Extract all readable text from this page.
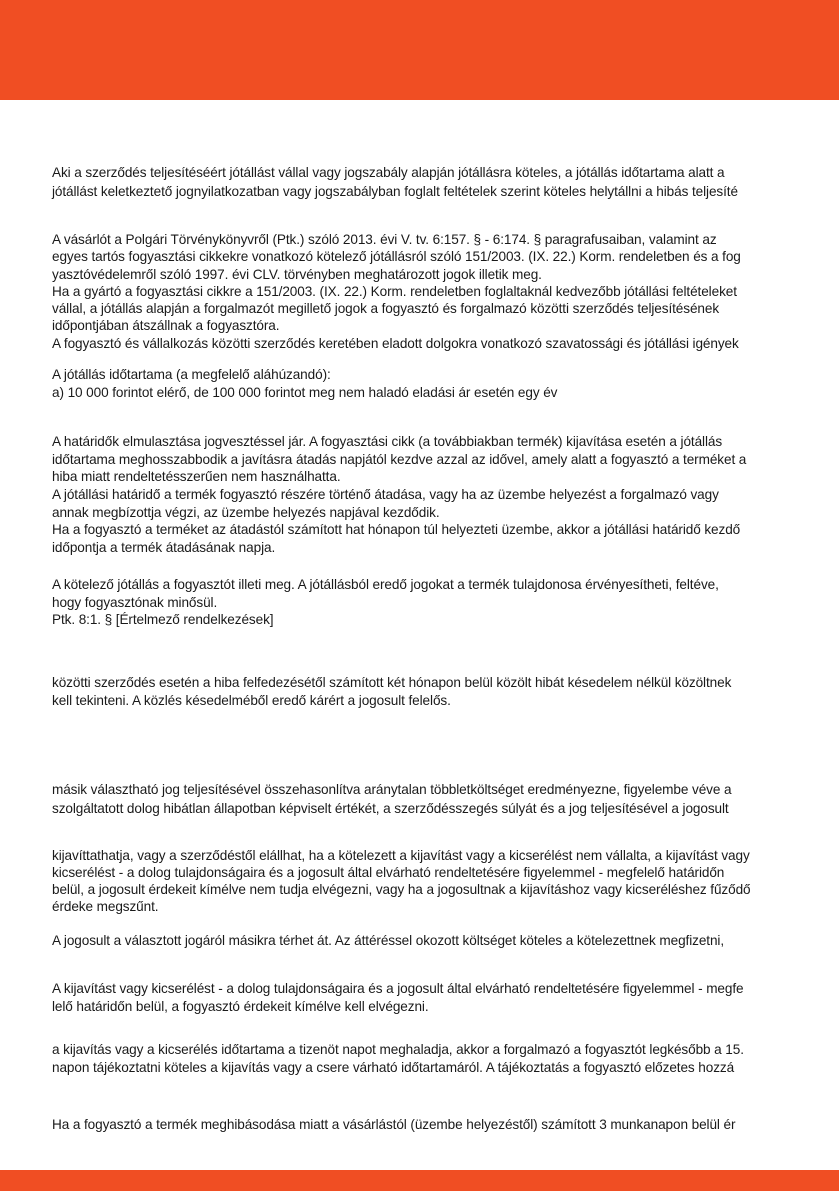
Aki a szerződés teljesítéséért jótállást vállal vagy jogszabály alapján jótállásra köteles, a jótállás időtartama alatt a
jótállást keletkeztető jognyilatkozatban vagy jogszabályban foglalt feltételek szerint köteles helytállni a hibás teljesíté
A vásárlót a Polgári Törvénykönyvről (Ptk.) szóló 2013. évi V. tv. 6:157. § - 6:174. § paragrafusaiban, valamint az
egyes tartós fogyasztási cikkekre vonatkozó kötelező jótállásról szóló 151/2003. (IX. 22.) Korm. rendeletben és a fog
yasztóvédelemről szóló 1997. évi CLV. törvényben meghatározott jogok illetik meg.
Ha a gyártó a fogyasztási cikkre a 151/2003. (IX. 22.) Korm. rendeletben foglaltaknál kedvezőbb jótállási feltételeket
vállal, a jótállás alapján a forgalmazót megillető jogok a fogyasztó és forgalmazó közötti szerződés teljesítésének
időpontjában átszállnak a fogyasztóra.
A fogyasztó és vállalkozás közötti szerződés keretében eladott dolgokra vonatkozó szavatossági és jótállási igények
A jótállás időtartama (a megfelelő aláhúzandó):
a) 10 000 forintot elérő, de 100 000 forintot meg nem haladó eladási ár esetén egy év
A határidők elmulasztása jogvesztéssel jár. A fogyasztási cikk (a továbbiakban termék) kijavítása esetén a jótállás
időtartama meghosszabbodik a javításra átadás napjától kezdve azzal az idővel, amely alatt a fogyasztó a terméket a
hiba miatt rendeltetésszerűen nem használhatta.
A jótállási határidő a termék fogyasztó részére történő átadása, vagy ha az üzembe helyezést a forgalmazó vagy
annak megbízottja végzi, az üzembe helyezés napjával kezdődik.
Ha a fogyasztó a terméket az átadástól számított hat hónapon túl helyezteti üzembe, akkor a jótállási határidő kezdő
időpontja a termék átadásának napja.
A kötelező jótállás a fogyasztót illeti meg. A jótállásból eredő jogokat a termék tulajdonosa érvényesítheti, feltéve,
hogy fogyasztónak minősül.
Ptk. 8:1. § [Értelmező rendelkezések]
közötti szerződés esetén a hiba felfedezésétől számított két hónapon belül közölt hibát késedelem nélkül közöltnek
kell tekinteni. A közlés késedelméből eredő kárért a jogosult felelős.
másik választható jog teljesítésével összehasonlítva aránytalan többletköltséget eredményezne, figyelembe véve a
szolgáltatott dolog hibátlan állapotban képviselt értékét, a szerződésszegés súlyát és a jog teljesítésével a jogosult
kijavíttathatja, vagy a szerződéstől elállhat, ha a kötelezett a kijavítást vagy a kicserélést nem vállalta, a kijavítást vagy
kicserélést - a dolog tulajdonságaira és a jogosult által elvárható rendeltetésére figyelemmel - megfelelő határidőn
belül, a jogosult érdekeit kímélve nem tudja elvégezni, vagy ha a jogosultnak a kijavításhoz vagy kicseréléshez fűződő
érdeke megszűnt.
A jogosult a választott jogáról másikra térhet át. Az áttéréssel okozott költséget köteles a kötelezettnek megfizetni,
A kijavítást vagy kicserélést - a dolog tulajdonságaira és a jogosult által elvárható rendeltetésére figyelemmel - megfe
lelő határidőn belül, a fogyasztó érdekeit kímélve kell elvégezni.
a kijavítás vagy a kicserélés időtartama a tizenöt napot meghaladja, akkor a forgalmazó a fogyasztót legkésőbb a 15.
napon tájékoztatni köteles a kijavítás vagy a csere várható időtartamáról. A tájékoztatás a fogyasztó előzetes hozzá
Ha a fogyasztó a termék meghibásodása miatt a vásárlástól (üzembe helyezéstől) számított 3 munkanapon belül ér
